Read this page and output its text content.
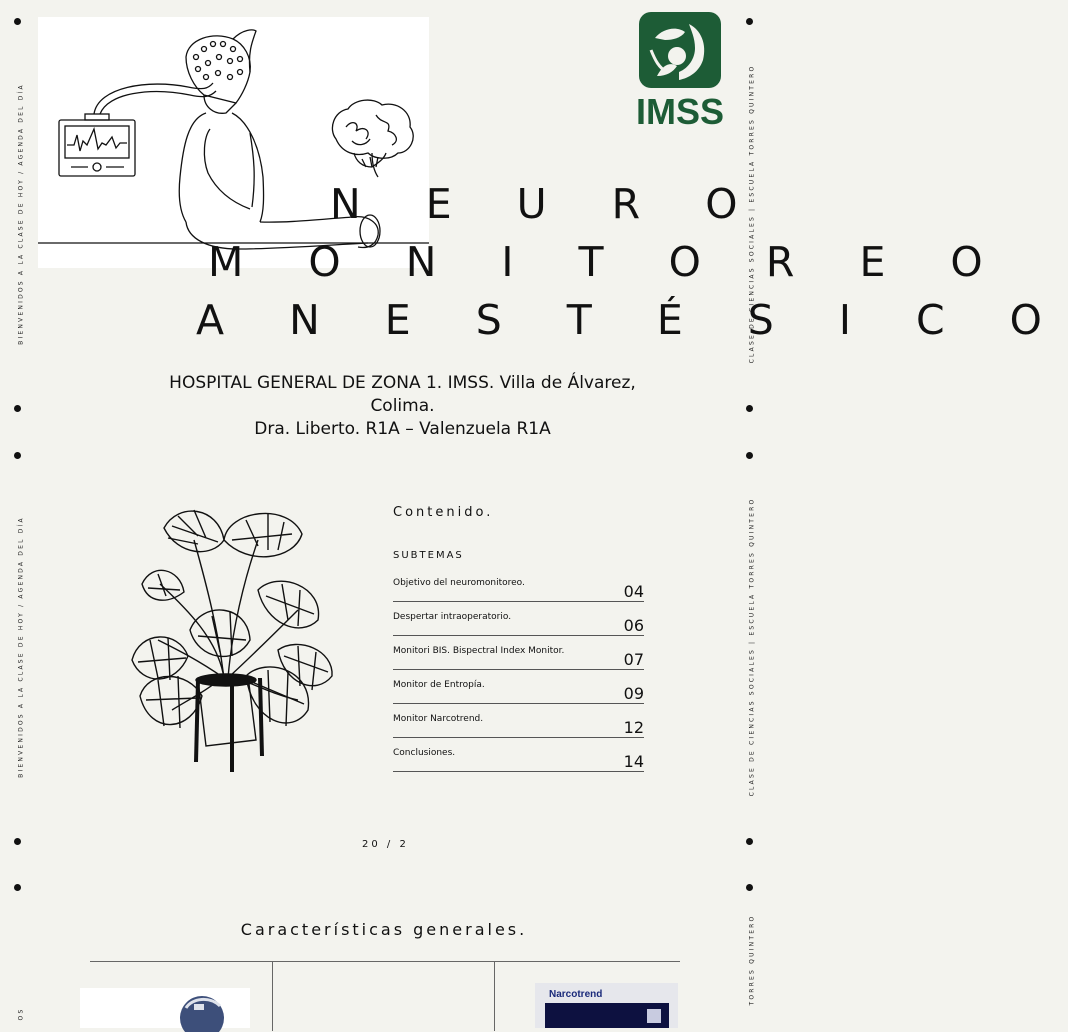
BIENVENIDOS A LA CLASE DE HOY / AGENDA DEL DÍA	CLASE DE CIENCIAS SOCIALES | ESCUELA TORRES QUINTERO
BIENVENIDOS A LA CLASE DE HOY / AGENDA DEL DÍA	CLASE DE CIENCIAS SOCIALES | ESCUELA TORRES QUINTERO
TORRES QUINTERO
OS
IMSS
N E U R O
M O N I T O R E O
A N E S T É S I C O
HOSPITAL GENERAL DE ZONA 1. IMSS. Villa de Álvarez,
Colima.
Dra. Liberto. R1A – Valenzuela R1A
Contenido.
SUBTEMAS
Objetivo del neuromonitoreo.	04
Despertar intraoperatorio.	06
Monitori BIS. Bispectral Index Monitor.	07
Monitor de Entropía.	09
Monitor Narcotrend.	12
Conclusiones.	14
20 / 2
Características generales.
Narcotrend
